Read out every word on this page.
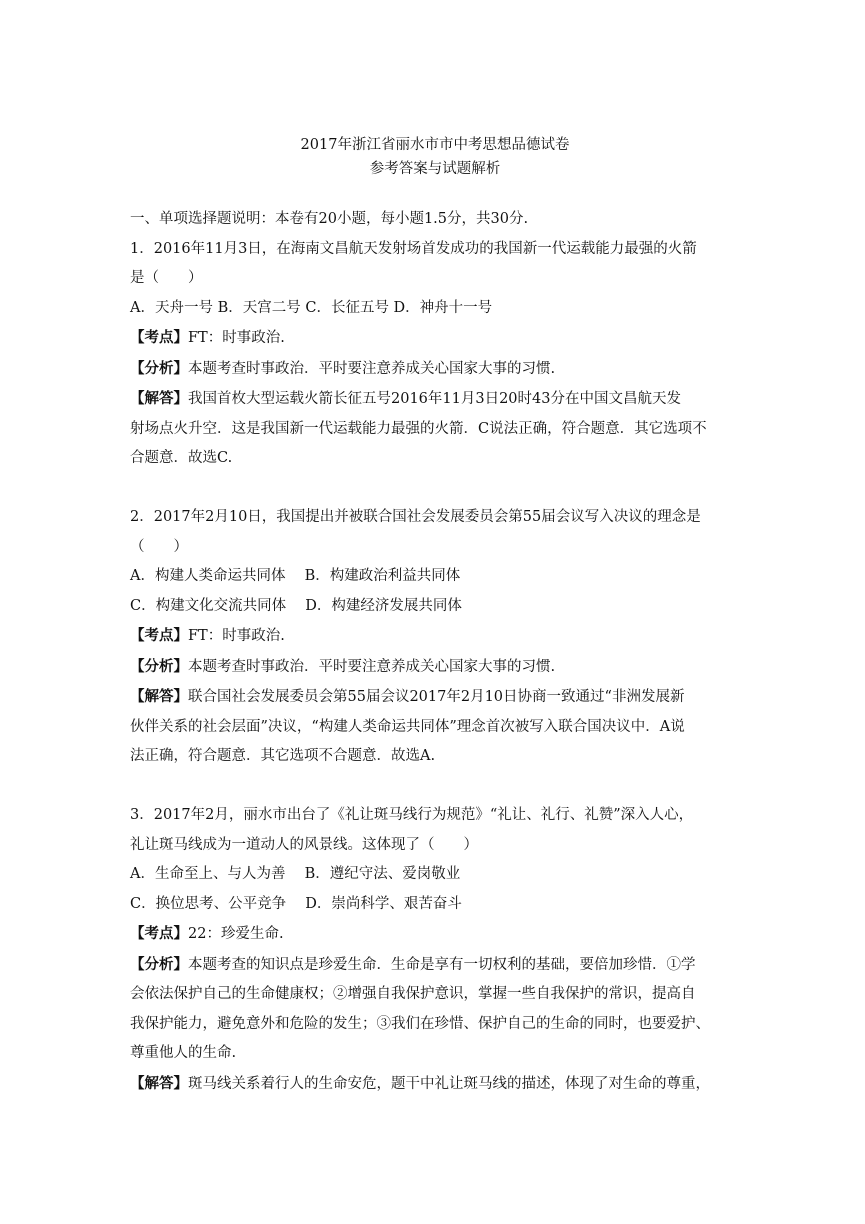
2017年浙江省丽水市市中考思想品德试卷

参考答案与试题解析

一、单项选择题说明：本卷有20小题，每小题1.5分，共30分.

1．2016年11月3日，在海南文昌航天发射场首发成功的我国新一代运载能力最强的火箭

是（　　）

A．天舟一号 B．天宫二号 C．长征五号 D．神舟十一号

【考点】FT：时事政治.

【分析】本题考查时事政治．平时要注意养成关心国家大事的习惯.

【解答】我国首枚大型运载火箭长征五号2016年11月3日20时43分在中国文昌航天发

射场点火升空．这是我国新一代运载能力最强的火箭．C说法正确，符合题意．其它选项不

合题意．故选C.

2．2017年2月10日，我国提出并被联合国社会发展委员会第55届会议写入决议的理念是

（　　）

A．构建人类命运共同体　 B．构建政治利益共同体

C．构建文化交流共同体　 D．构建经济发展共同体

【考点】FT：时事政治.

【分析】本题考查时事政治．平时要注意养成关心国家大事的习惯.

【解答】联合国社会发展委员会第55届会议2017年2月10日协商一致通过“非洲发展新

伙伴关系的社会层面”决议，“构建人类命运共同体”理念首次被写入联合国决议中．A说

法正确，符合题意．其它选项不合题意．故选A.

3．2017年2月，丽水市出台了《礼让斑马线行为规范》“礼让、礼行、礼赞”深入人心，

礼让斑马线成为一道动人的风景线。这体现了（　　）

A．生命至上、与人为善　 B．遵纪守法、爱岗敬业

C．换位思考、公平竞争　 D．崇尚科学、艰苦奋斗

【考点】22：珍爱生命.

【分析】本题考查的知识点是珍爱生命．生命是享有一切权利的基础，要倍加珍惜．①学

会依法保护自己的生命健康权；②增强自我保护意识，掌握一些自我保护的常识，提高自

我保护能力，避免意外和危险的发生；③我们在珍惜、保护自己的生命的同时，也要爱护、

尊重他人的生命.

【解答】斑马线关系着行人的生命安危，题干中礼让斑马线的描述，体现了对生命的尊重，
